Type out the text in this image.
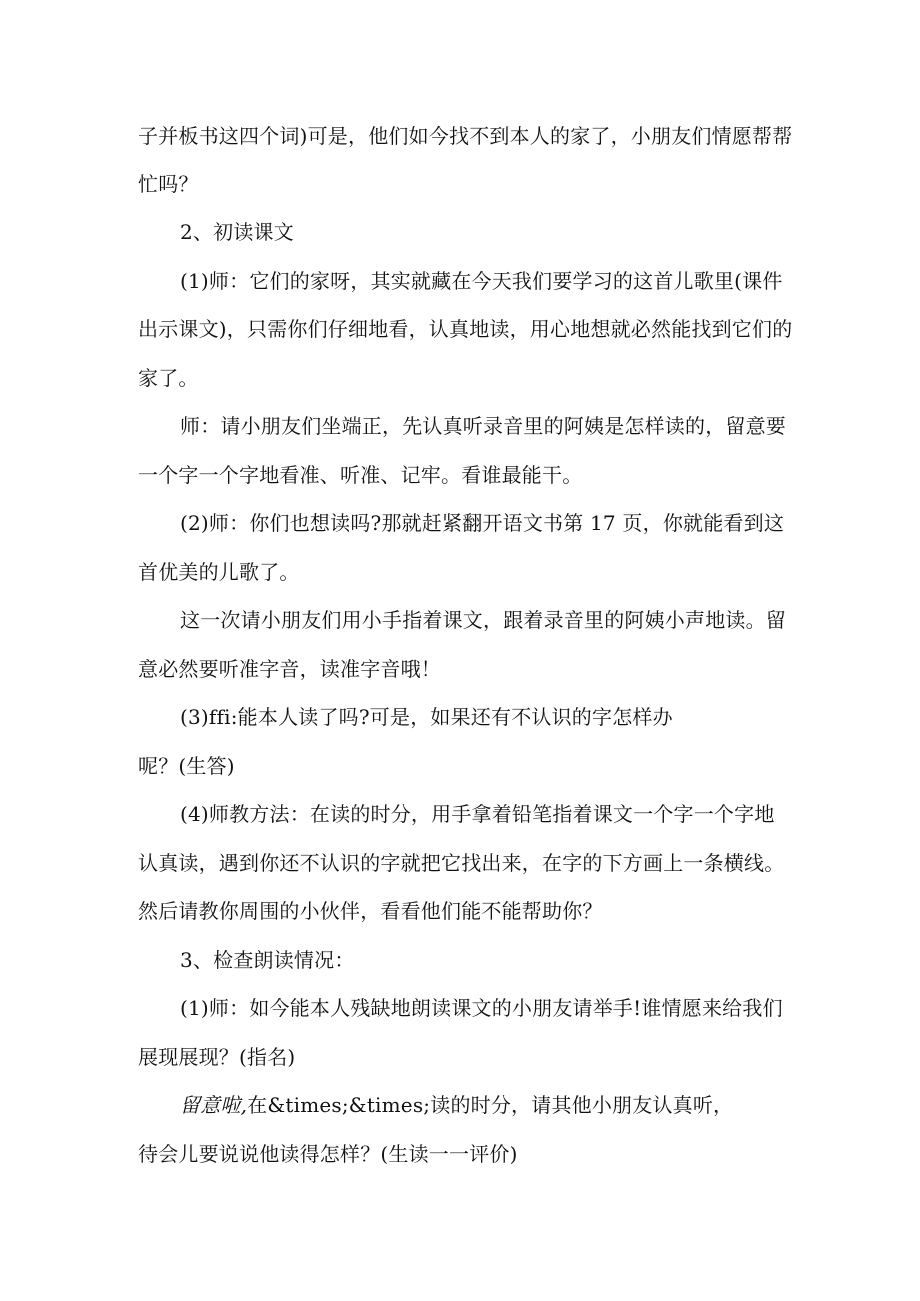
子并板书这四个词)可是，他们如今找不到本人的家了，小朋友们情愿帮帮
忙吗？
2、初读课文
(1)师：它们的家呀，其实就藏在今天我们要学习的这首儿歌里(课件
出示课文)，只需你们仔细地看，认真地读，用心地想就必然能找到它们的
家了。
师：请小朋友们坐端正，先认真听录音里的阿姨是怎样读的，留意要
一个字一个字地看准、听准、记牢。看谁最能干。
(2)师：你们也想读吗?那就赶紧翻开语文书第 17 页，你就能看到这
首优美的儿歌了。
这一次请小朋友们用小手指着课文，跟着录音里的阿姨小声地读。留
意必然要听准字音，读准字音哦！
(3)ffi:能本人读了吗?可是，如果还有不认识的字怎样办
呢？(生答)
(4)师教方法：在读的时分，用手拿着铅笔指着课文一个字一个字地
认真读，遇到你还不认识的字就把它找出来，在字的下方画上一条横线。
然后请教你周围的小伙伴，看看他们能不能帮助你？
3、检查朗读情况：
(1)师：如今能本人残缺地朗读课文的小朋友请举手!谁情愿来给我们
展现展现？(指名)
留意啦,在&times;&times;读的时分，请其他小朋友认真听，
待会儿要说说他读得怎样？(生读一一评价)
